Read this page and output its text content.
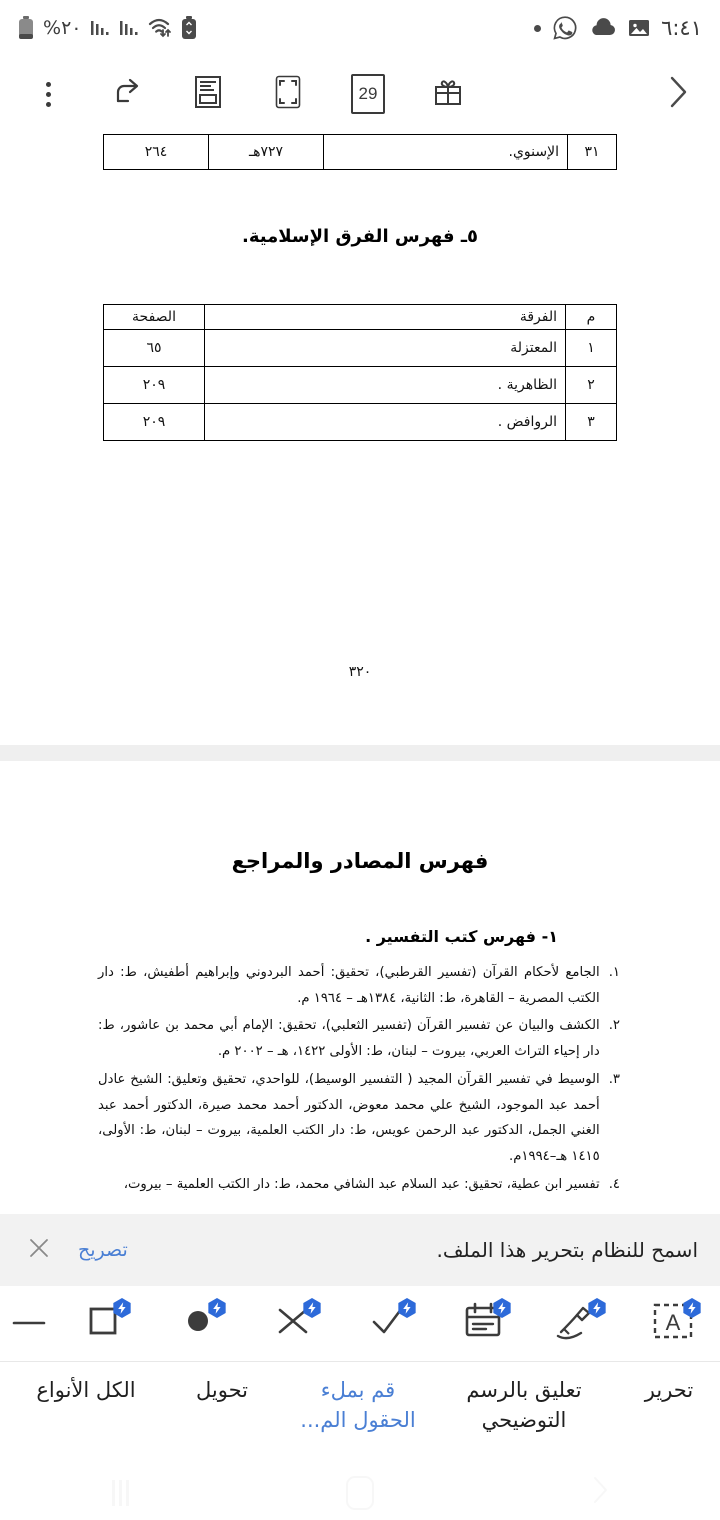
%٢٠	٦:٤١
29
٣١	الإسنوي.	٧٢٧هـ	٢٦٤
٥ـ فهرس الفرق الإسلامية.
م	الفرقة	الصفحة
١	المعتزلة	٦٥
٢	الظاهرية .	٢٠٩
٣	الروافض .	٢٠٩
٣٢٠
فهرس المصادر والمراجع
١- فهرس كتب التفسير .
١.
الجامع لأحكام القرآن (تفسير القرطبي)، تحقيق: أحمد البردوني وإبراهيم أطفيش، ط: دار الكتب المصرية – القاهرة، ط: الثانية، ١٣٨٤هـ – ١٩٦٤ م.
٢.
الكشف والبيان عن تفسير القرآن (تفسير الثعلبي)، تحقيق: الإمام أبي محمد بن عاشور، ط: دار إحياء التراث العربي، بيروت – لبنان، ط: الأولى ١٤٢٢، هـ – ٢٠٠٢ م.
٣.
الوسيط في تفسير القرآن المجيد ( التفسير الوسيط)، للواحدي، تحقيق وتعليق: الشيخ عادل أحمد عبد الموجود، الشيخ علي محمد معوض، الدكتور أحمد محمد صيرة، الدكتور أحمد عبد الغني الجمل، الدكتور عبد الرحمن عويس، ط: دار الكتب العلمية، بيروت – لبنان، ط: الأولى، ١٤١٥ هـ–١٩٩٤م.
٤.
تفسير ابن عطية، تحقيق: عبد السلام عبد الشافي محمد، ط: دار الكتب العلمية – بيروت،
اسمح للنظام بتحرير هذا الملف.
تصريح
A
الكل الأنواع	تحويل	قم بملء الحقول الم...
تعليق بالرسم التوضيحي
تحرير
